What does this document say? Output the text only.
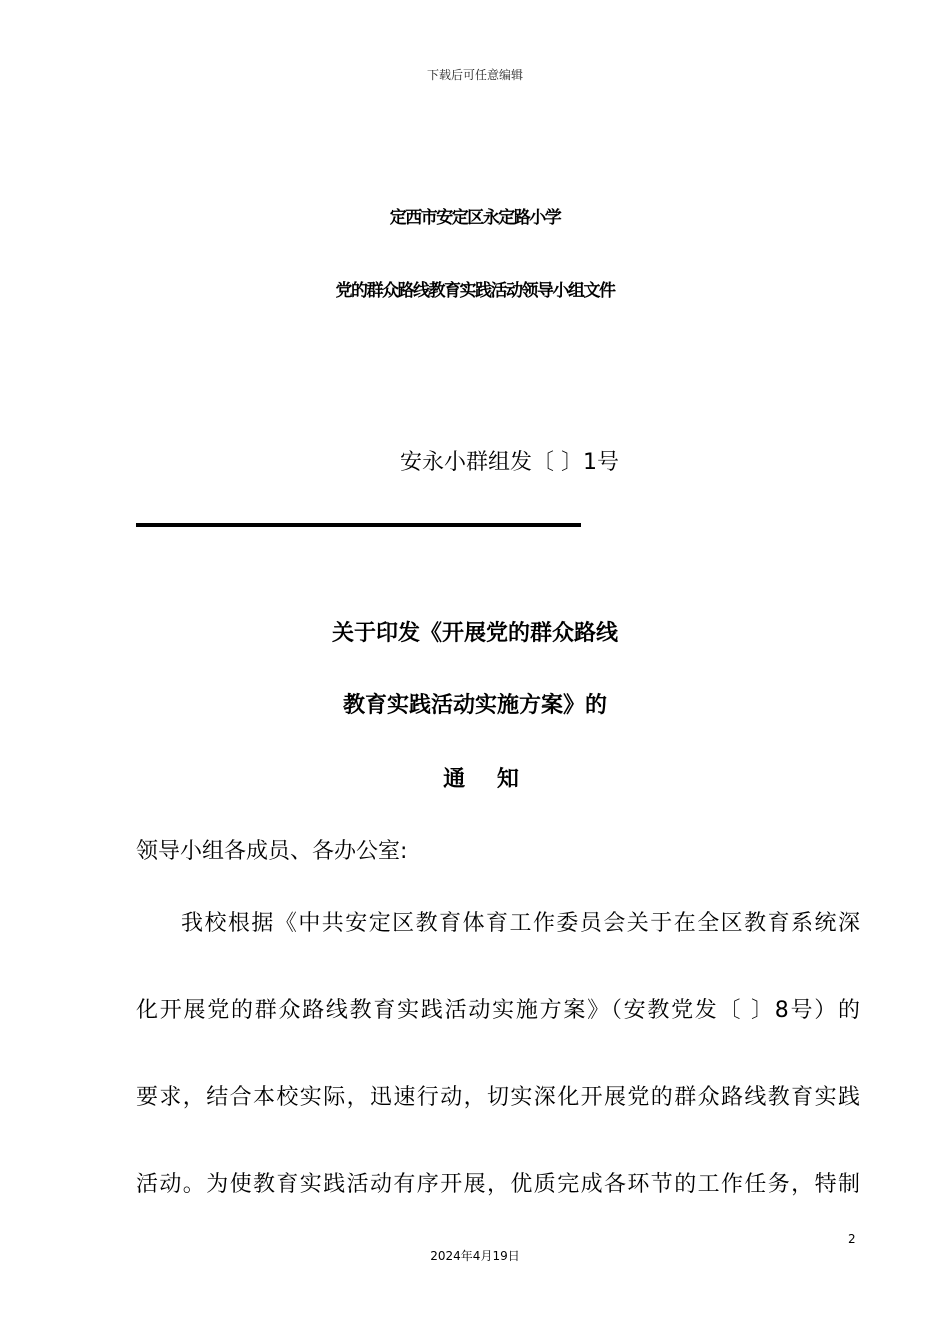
下载后可任意编辑
定西市安定区永定路小学
党的群众路线教育实践活动领导小组文件
安永小群组发〔 〕1号
关于印发《开展党的群众路线
教育实践活动实施方案》的
通 知
领导小组各成员、各办公室:
我校根据《中共安定区教育体育工作委员会关于在全区教育系统深
化开展党的群众路线教育实践活动实施方案》（安教党发〔 〕8号）的
要求，结合本校实际，迅速行动，切实深化开展党的群众路线教育实践
活动。为使教育实践活动有序开展，优质完成各环节的工作任务，特制
2
2024年4月19日
